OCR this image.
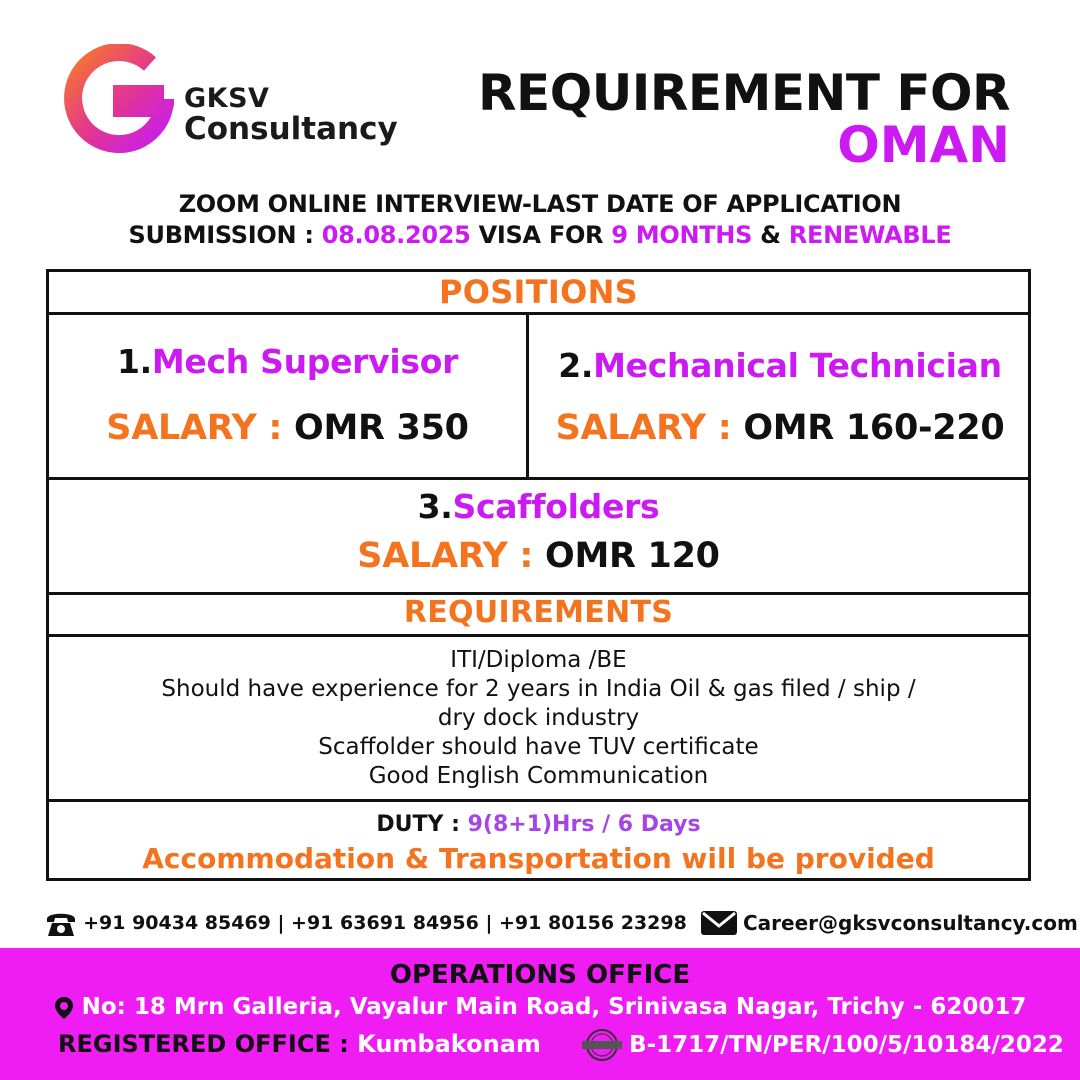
GKSV
Consultancy
REQUIREMENT FOR
OMAN
ZOOM ONLINE INTERVIEW-LAST DATE OF APPLICATION
SUBMISSION : 08.08.2025 VISA FOR 9 MONTHS & RENEWABLE
POSITIONS
1.Mech Supervisor
SALARY : OMR 350
2.Mechanical Technician
SALARY : OMR 160-220
3.Scaffolders
SALARY : OMR 120
REQUIREMENTS
ITI/Diploma /BE
Should have experience for 2 years in India Oil & gas filed / ship /
dry dock industry
Scaffolder should have TUV certificate
Good English Communication
DUTY : 9(8+1)Hrs / 6 Days
Accommodation & Transportation will be provided
+91 90434 85469 | +91 63691 84956 | +91 80156 23298	Career@gksvconsultancy.com
OPERATIONS OFFICE
No: 18 Mrn Galleria, Vayalur Main Road, Srinivasa Nagar, Trichy - 620017
REGISTERED OFFICE : Kumbakonam	B-1717/TN/PER/100/5/10184/2022
